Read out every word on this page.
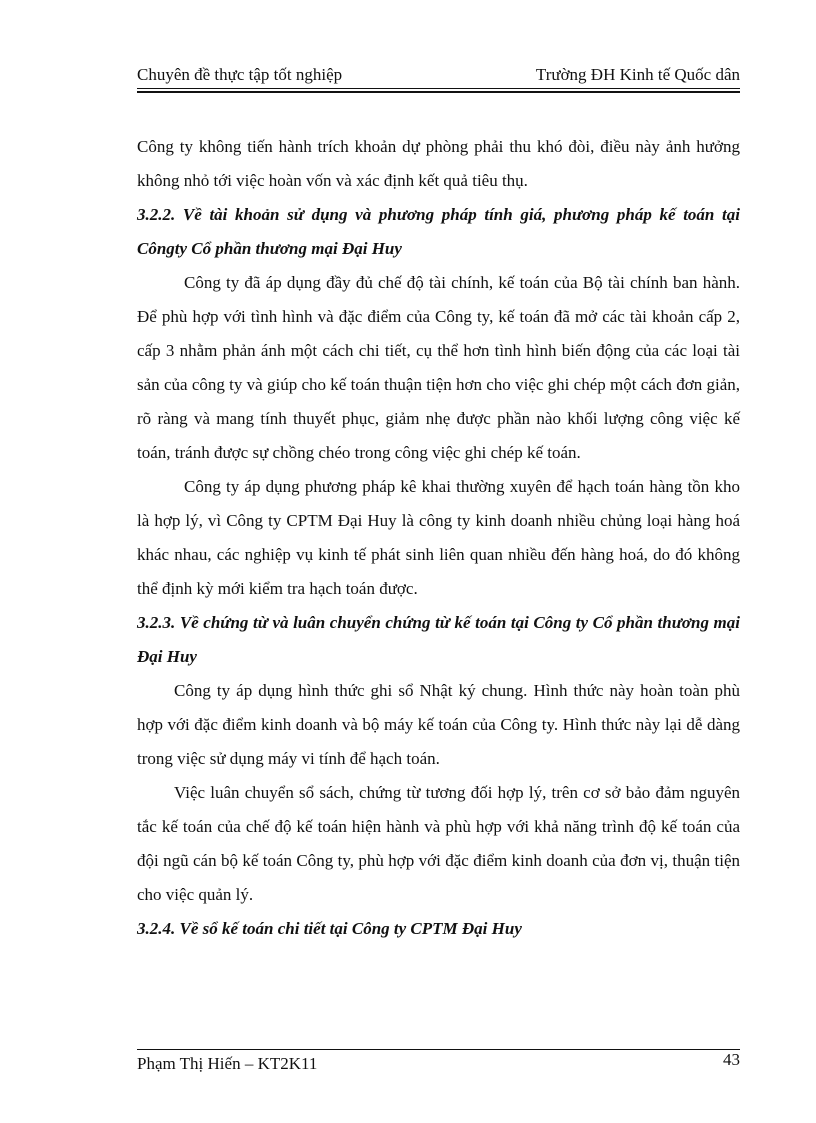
Chuyên đề thực tập tốt nghiệp	Trường ĐH Kinh tế Quốc dân

Công ty không tiến hành trích khoản dự phòng phải thu khó đòi, điều này ảnh hưởng không nhỏ tới việc hoàn vốn và xác định kết quả tiêu thụ.

3.2.2. Về tài khoản sử dụng và phương pháp tính giá, phương pháp kế toán tại Côngty Cổ phần thương mại Đại Huy

Công ty đã áp dụng đầy đủ chế độ tài chính, kế toán của Bộ tài chính ban hành. Để phù hợp với tình hình và đặc điểm của Công ty, kế toán đã mở các tài khoản cấp 2, cấp 3 nhằm phản ánh một cách chi tiết, cụ thể hơn tình hình biến động của các loại tài sản của công ty và giúp cho kế toán thuận tiện hơn cho việc ghi chép một cách đơn giản, rõ ràng và mang tính thuyết phục, giảm nhẹ được phần nào khối lượng công việc kế toán, tránh được sự chồng chéo trong công việc ghi chép kế toán.

Công ty áp dụng phương pháp kê khai thường xuyên để hạch toán hàng tồn kho là hợp lý, vì Công ty CPTM Đại Huy là công ty kinh doanh nhiều chủng loại hàng hoá khác nhau, các nghiệp vụ kinh tế phát sinh liên quan nhiều đến hàng hoá, do đó không thể định kỳ mới kiểm tra hạch toán được.

3.2.3. Về chứng từ và luân chuyển chứng từ kế toán tại Công ty Cổ phần thương mại Đại Huy

Công ty áp dụng hình thức ghi sổ Nhật ký chung. Hình thức này hoàn toàn phù hợp với đặc điểm kinh doanh và bộ máy kế toán của Công ty. Hình thức này lại dễ dàng trong việc sử dụng máy vi tính để hạch toán.

Việc luân chuyển sổ sách, chứng từ tương đối hợp lý, trên cơ sở bảo đảm nguyên tắc kế toán của chế độ kế toán hiện hành và phù hợp với khả năng trình độ kế toán của đội ngũ cán bộ kế toán Công ty, phù hợp với đặc điểm kinh doanh của đơn vị, thuận tiện cho việc quản lý.

3.2.4. Về sổ kế toán chi tiết tại Công ty CPTM Đại Huy

Phạm Thị Hiến – KT2K11	43
